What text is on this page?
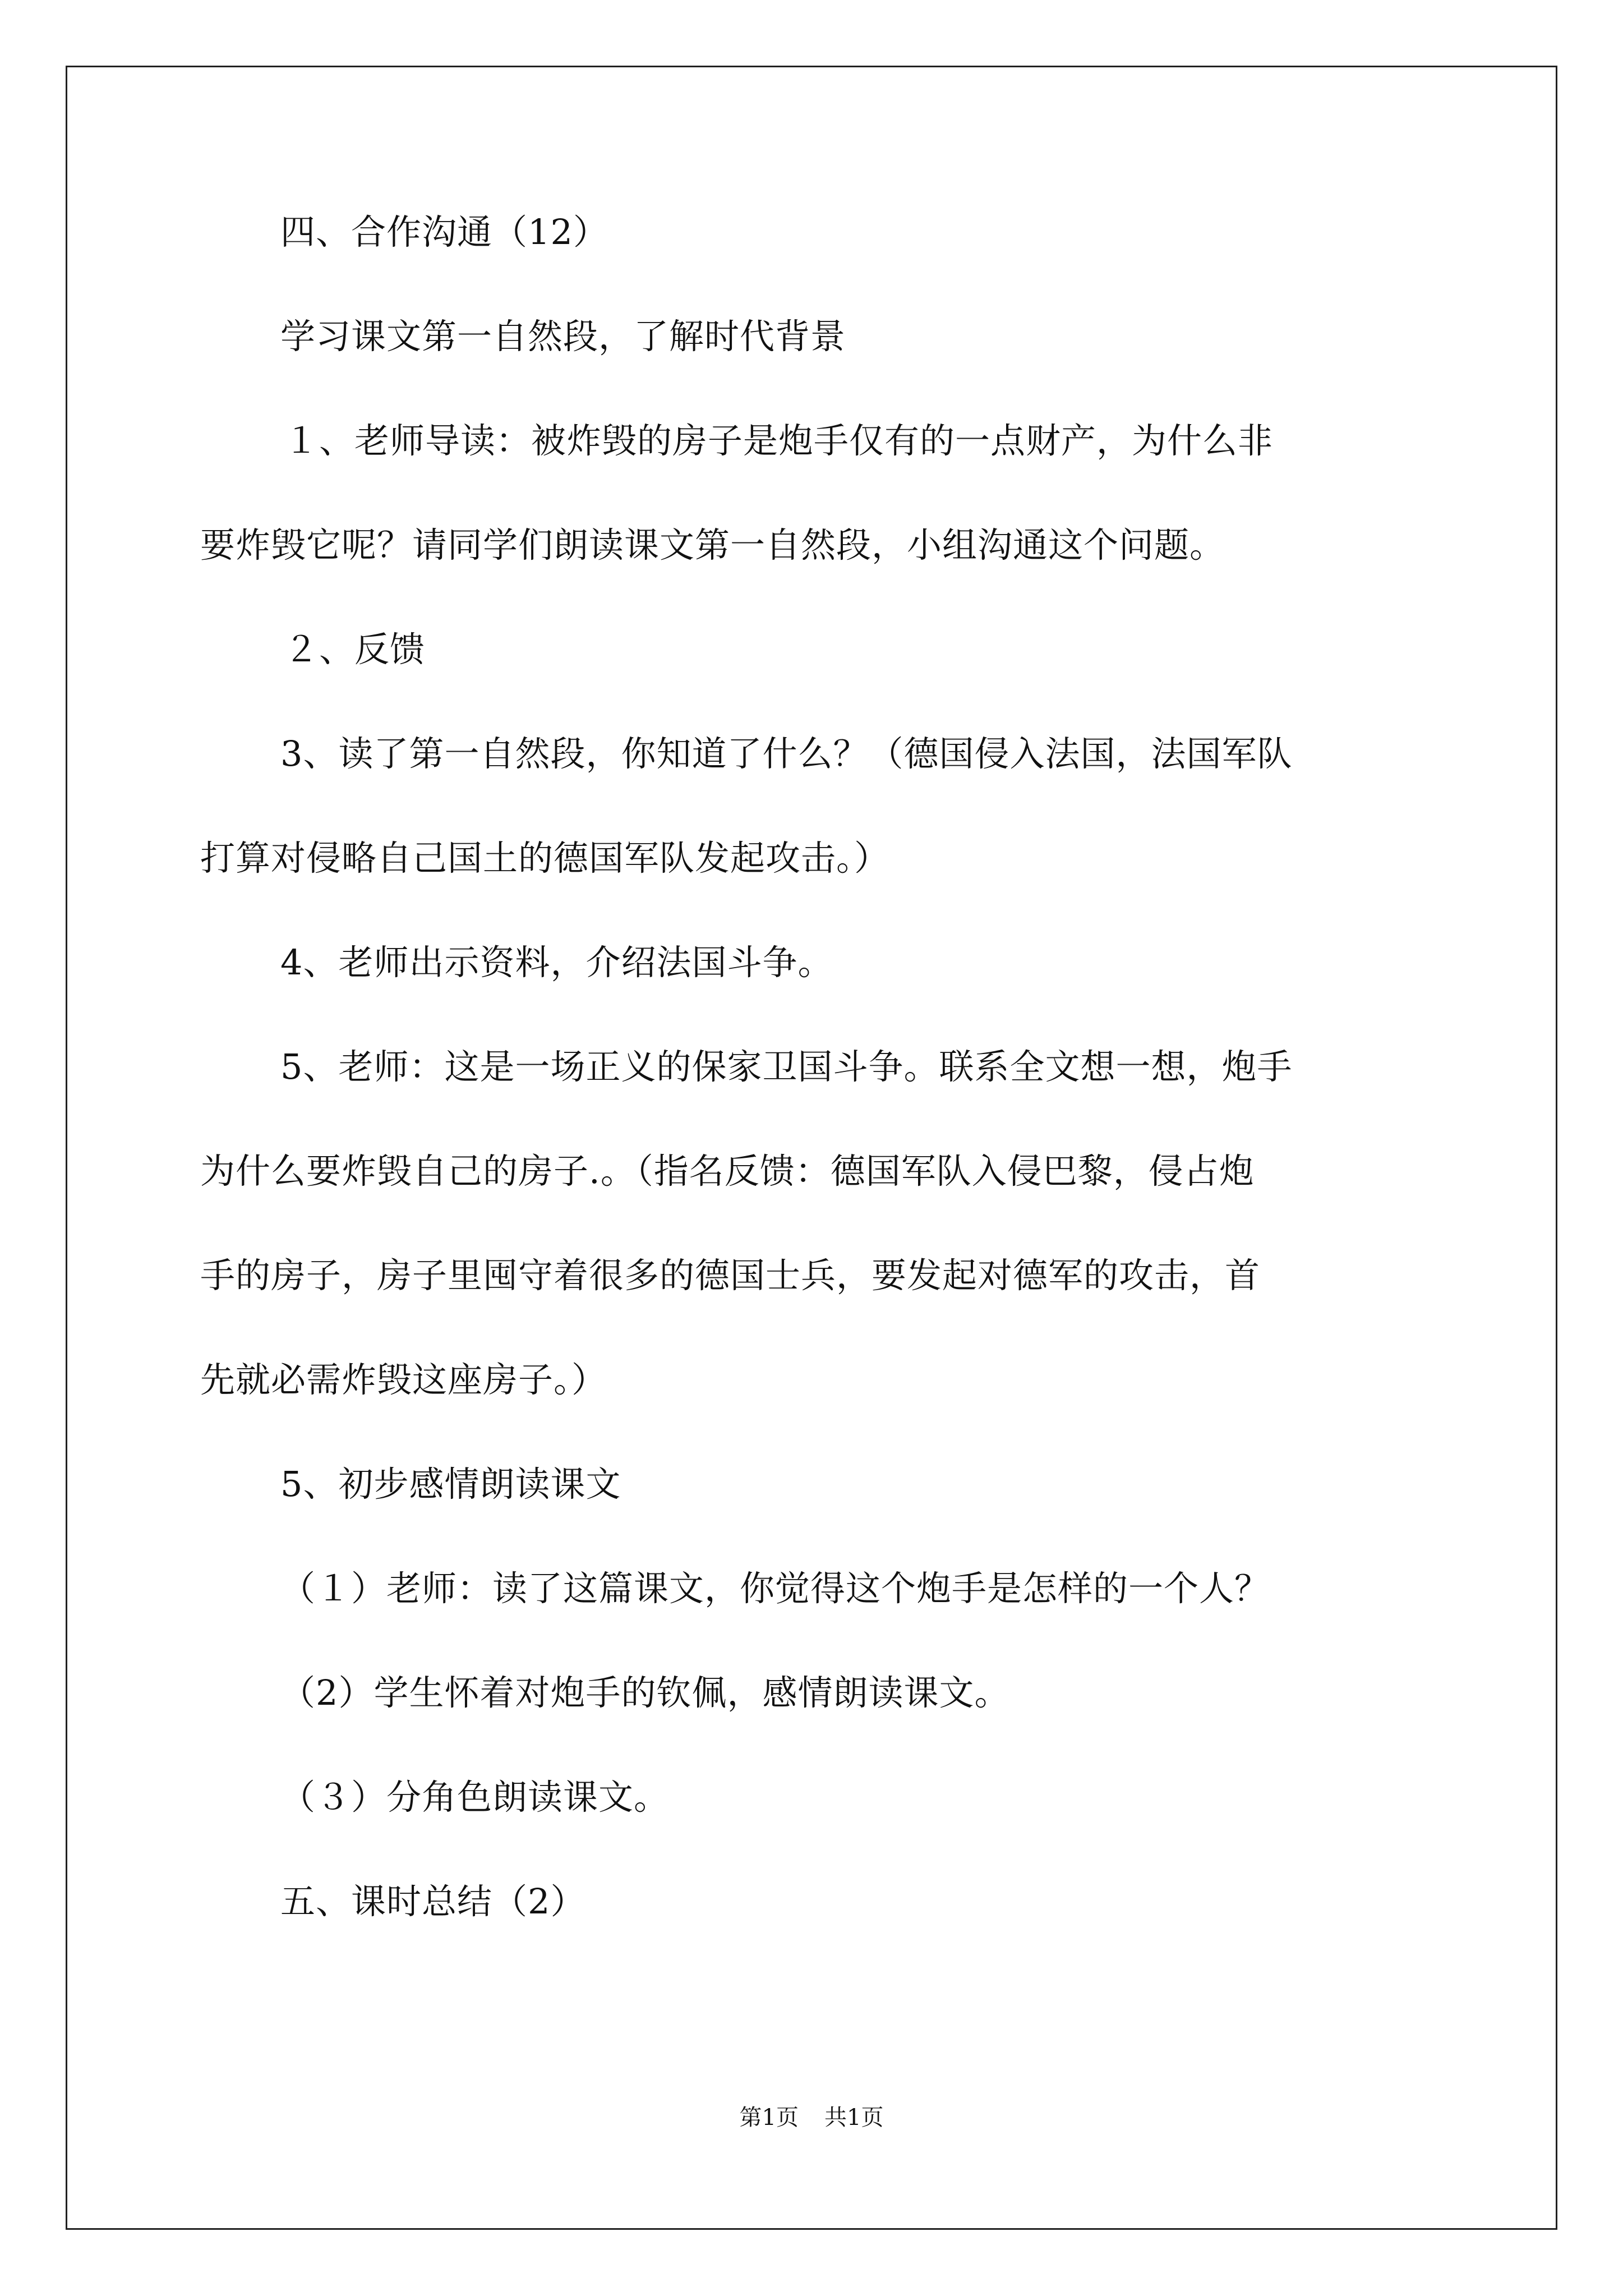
四、合作沟通（12）
学习课文第一自然段，了解时代背景
１、老师导读：被炸毁的房子是炮手仅有的一点财产，为什么非
要炸毁它呢？请同学们朗读课文第一自然段，小组沟通这个问题。
２、反馈
3、读了第一自然段，你知道了什么？（德国侵入法国，法国军队
打算对侵略自己国土的德国军队发起攻击。）
4、老师出示资料，介绍法国斗争。
5、老师：这是一场正义的保家卫国斗争。联系全文想一想，炮手
为什么要炸毁自己的房子.。（指名反馈：德国军队入侵巴黎，侵占炮
手的房子，房子里囤守着很多的德国士兵，要发起对德军的攻击，首
先就必需炸毁这座房子。）
5、初步感情朗读课文
（１）老师：读了这篇课文，你觉得这个炮手是怎样的一个人？
（2）学生怀着对炮手的钦佩，感情朗读课文。
（３）分角色朗读课文。
五、课时总结（2）
第1页 共1页
